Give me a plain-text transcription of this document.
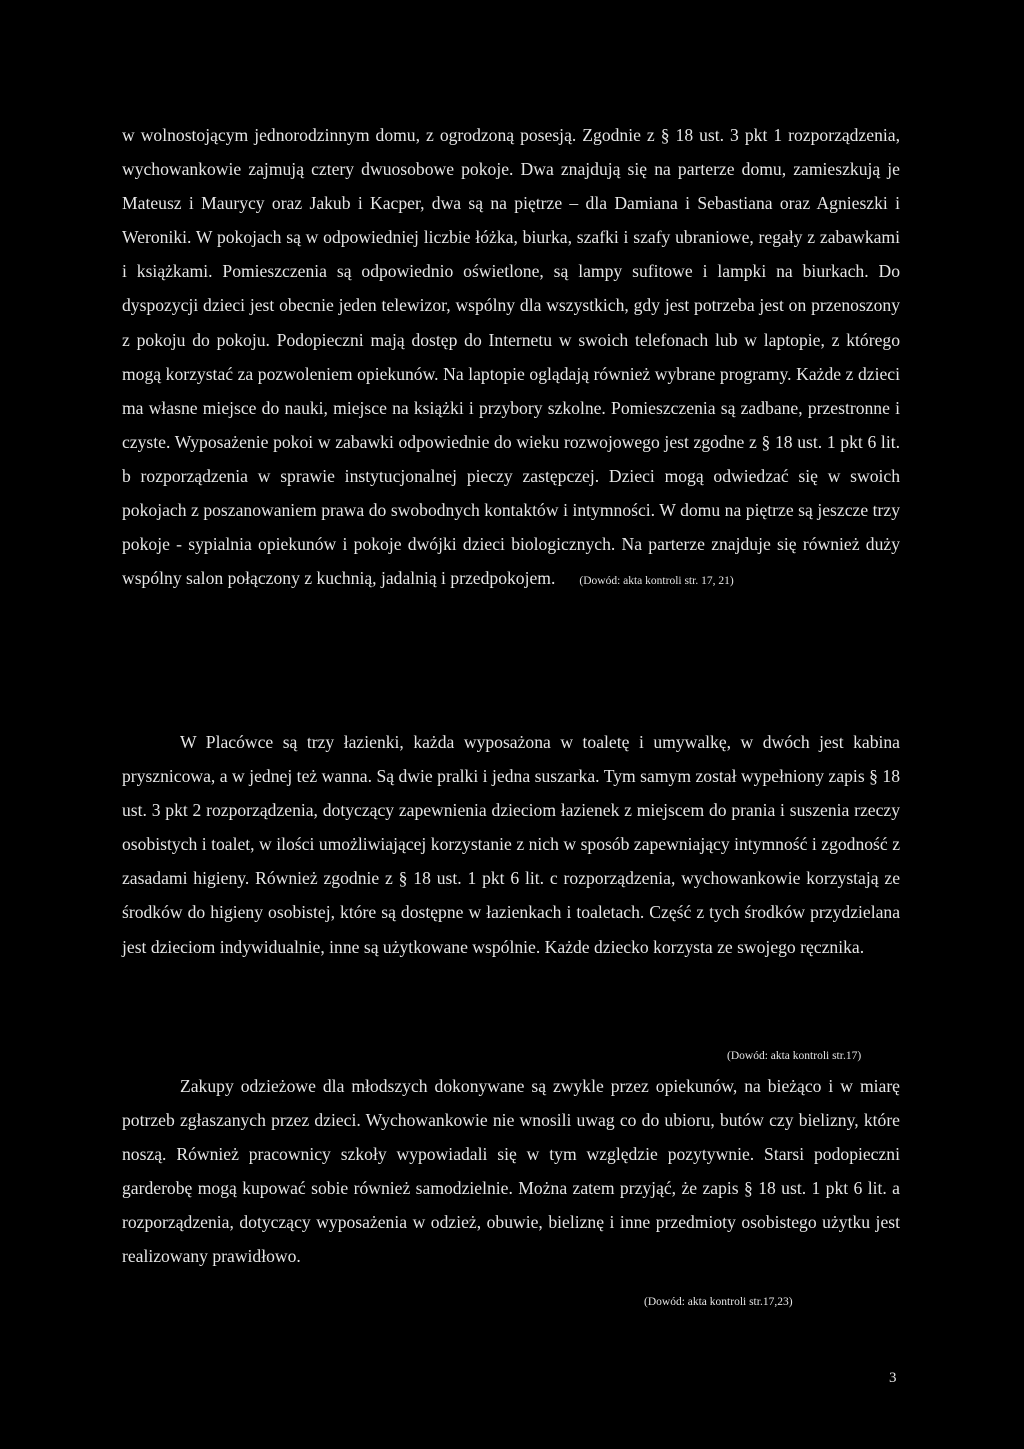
w wolnostojącym jednorodzinnym domu, z ogrodzoną posesją. Zgodnie z § 18 ust. 3 pkt 1 rozporządzenia, wychowankowie zajmują cztery dwuosobowe pokoje. Dwa znajdują się na parterze domu, zamieszkują je Mateusz i Maurycy oraz Jakub i Kacper, dwa są na piętrze – dla Damiana i Sebastiana oraz Agnieszki i Weroniki. W pokojach są w odpowiedniej liczbie łóżka, biurka, szafki i szafy ubraniowe, regały z zabawkami i książkami. Pomieszczenia są odpowiednio oświetlone, są lampy sufitowe i lampki na biurkach. Do dyspozycji dzieci jest obecnie jeden telewizor, wspólny dla wszystkich, gdy jest potrzeba jest on przenoszony z pokoju do pokoju. Podopieczni mają dostęp do Internetu w swoich telefonach lub w laptopie, z którego mogą korzystać za pozwoleniem opiekunów. Na laptopie oglądają również wybrane programy. Każde z dzieci ma własne miejsce do nauki, miejsce na książki i przybory szkolne. Pomieszczenia są zadbane, przestronne i czyste. Wyposażenie pokoi w zabawki odpowiednie do wieku rozwojowego jest zgodne z § 18 ust. 1 pkt 6 lit. b rozporządzenia w sprawie instytucjonalnej pieczy zastępczej. Dzieci mogą odwiedzać się w swoich pokojach z poszanowaniem prawa do swobodnych kontaktów i intymności. W domu na piętrze są jeszcze trzy pokoje - sypialnia opiekunów i pokoje dwójki dzieci biologicznych. Na parterze znajduje się również duży wspólny salon połączony z kuchnią, jadalnią i przedpokojem. (Dowód: akta kontroli str. 17, 21)

W Placówce są trzy łazienki, każda wyposażona w toaletę i umywalkę, w dwóch jest kabina prysznicowa, a w jednej też wanna. Są dwie pralki i jedna suszarka. Tym samym został wypełniony zapis § 18 ust. 3 pkt 2 rozporządzenia, dotyczący zapewnienia dzieciom łazienek z miejscem do prania i suszenia rzeczy osobistych i toalet, w ilości umożliwiającej korzystanie z nich w sposób zapewniający intymność i zgodność z zasadami higieny. Również zgodnie z § 18 ust. 1 pkt 6 lit. c rozporządzenia, wychowankowie korzystają ze środków do higieny osobistej, które są dostępne w łazienkach i toaletach. Część z tych środków przydzielana jest dzieciom indywidualnie, inne są użytkowane wspólnie. Każde dziecko korzysta ze swojego ręcznika.

(Dowód: akta kontroli str.17)

Zakupy odzieżowe dla młodszych dokonywane są zwykle przez opiekunów, na bieżąco i w miarę potrzeb zgłaszanych przez dzieci. Wychowankowie nie wnosili uwag co do ubioru, butów czy bielizny, które noszą. Również pracownicy szkoły wypowiadali się w tym względzie pozytywnie. Starsi podopieczni garderobę mogą kupować sobie również samodzielnie. Można zatem przyjąć, że zapis § 18 ust. 1 pkt 6 lit. a rozporządzenia, dotyczący wyposażenia w odzież, obuwie, bieliznę i inne przedmioty osobistego użytku jest realizowany prawidłowo.

(Dowód: akta kontroli str.17,23)
3
